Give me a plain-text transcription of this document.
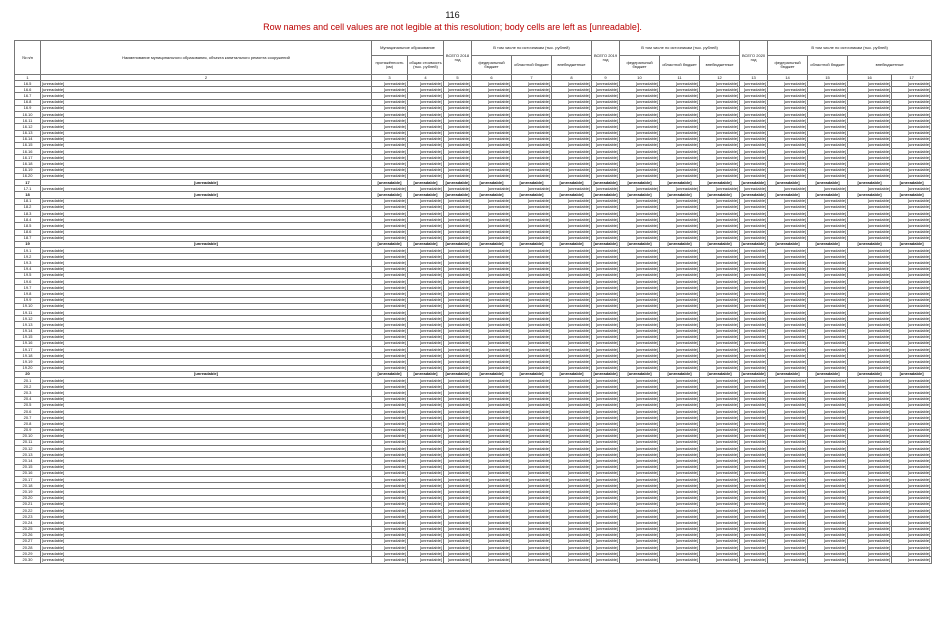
116
Row names and cell values are not legible at this resolution; body cells are left as [unreadable].
№ п/п	Наименование муниципального образования, объекта капитального ремонта сооружений	Муниципальное образование		ВСЕГО 2018 год	В том числе по источникам (тыс. рублей)			ВСЕГО 2019 год	В том числе по источникам (тыс. рублей)			ВСЕГО 2020 год	В том числе по источникам (тыс. рублей)			
		протяжённость (км)	общая стоимость (тыс. рублей)		федеральный бюджет	областной бюджет	внебюджетные		федеральный бюджет	областной бюджет	внебюджетные		федеральный бюджет	областной бюджет	внебюджетные	
1	2	3	4	5	6	7	8	9	10	11	12	13	14	15	16	17
16.5	[unreadable]	[unreadable]	[unreadable]	[unreadable]	[unreadable]	[unreadable]	[unreadable]	[unreadable]	[unreadable]	[unreadable]	[unreadable]	[unreadable]	[unreadable]	[unreadable]	[unreadable]	[unreadable]
16.6	[unreadable]	[unreadable]	[unreadable]	[unreadable]	[unreadable]	[unreadable]	[unreadable]	[unreadable]	[unreadable]	[unreadable]	[unreadable]	[unreadable]	[unreadable]	[unreadable]	[unreadable]	[unreadable]
16.7	[unreadable]	[unreadable]	[unreadable]	[unreadable]	[unreadable]	[unreadable]	[unreadable]	[unreadable]	[unreadable]	[unreadable]	[unreadable]	[unreadable]	[unreadable]	[unreadable]	[unreadable]	[unreadable]
16.8	[unreadable]	[unreadable]	[unreadable]	[unreadable]	[unreadable]	[unreadable]	[unreadable]	[unreadable]	[unreadable]	[unreadable]	[unreadable]	[unreadable]	[unreadable]	[unreadable]	[unreadable]	[unreadable]
16.9	[unreadable]	[unreadable]	[unreadable]	[unreadable]	[unreadable]	[unreadable]	[unreadable]	[unreadable]	[unreadable]	[unreadable]	[unreadable]	[unreadable]	[unreadable]	[unreadable]	[unreadable]	[unreadable]
16.10	[unreadable]	[unreadable]	[unreadable]	[unreadable]	[unreadable]	[unreadable]	[unreadable]	[unreadable]	[unreadable]	[unreadable]	[unreadable]	[unreadable]	[unreadable]	[unreadable]	[unreadable]	[unreadable]
16.11	[unreadable]	[unreadable]	[unreadable]	[unreadable]	[unreadable]	[unreadable]	[unreadable]	[unreadable]	[unreadable]	[unreadable]	[unreadable]	[unreadable]	[unreadable]	[unreadable]	[unreadable]	[unreadable]
16.12	[unreadable]	[unreadable]	[unreadable]	[unreadable]	[unreadable]	[unreadable]	[unreadable]	[unreadable]	[unreadable]	[unreadable]	[unreadable]	[unreadable]	[unreadable]	[unreadable]	[unreadable]	[unreadable]
16.13	[unreadable]	[unreadable]	[unreadable]	[unreadable]	[unreadable]	[unreadable]	[unreadable]	[unreadable]	[unreadable]	[unreadable]	[unreadable]	[unreadable]	[unreadable]	[unreadable]	[unreadable]	[unreadable]
16.14	[unreadable]	[unreadable]	[unreadable]	[unreadable]	[unreadable]	[unreadable]	[unreadable]	[unreadable]	[unreadable]	[unreadable]	[unreadable]	[unreadable]	[unreadable]	[unreadable]	[unreadable]	[unreadable]
16.15	[unreadable]	[unreadable]	[unreadable]	[unreadable]	[unreadable]	[unreadable]	[unreadable]	[unreadable]	[unreadable]	[unreadable]	[unreadable]	[unreadable]	[unreadable]	[unreadable]	[unreadable]	[unreadable]
16.16	[unreadable]	[unreadable]	[unreadable]	[unreadable]	[unreadable]	[unreadable]	[unreadable]	[unreadable]	[unreadable]	[unreadable]	[unreadable]	[unreadable]	[unreadable]	[unreadable]	[unreadable]	[unreadable]
16.17	[unreadable]	[unreadable]	[unreadable]	[unreadable]	[unreadable]	[unreadable]	[unreadable]	[unreadable]	[unreadable]	[unreadable]	[unreadable]	[unreadable]	[unreadable]	[unreadable]	[unreadable]	[unreadable]
16.18	[unreadable]	[unreadable]	[unreadable]	[unreadable]	[unreadable]	[unreadable]	[unreadable]	[unreadable]	[unreadable]	[unreadable]	[unreadable]	[unreadable]	[unreadable]	[unreadable]	[unreadable]	[unreadable]
16.19	[unreadable]	[unreadable]	[unreadable]	[unreadable]	[unreadable]	[unreadable]	[unreadable]	[unreadable]	[unreadable]	[unreadable]	[unreadable]	[unreadable]	[unreadable]	[unreadable]	[unreadable]	[unreadable]
16.20	[unreadable]	[unreadable]	[unreadable]	[unreadable]	[unreadable]	[unreadable]	[unreadable]	[unreadable]	[unreadable]	[unreadable]	[unreadable]	[unreadable]	[unreadable]	[unreadable]	[unreadable]	[unreadable]
17	[unreadable]	[unreadable]	[unreadable]	[unreadable]	[unreadable]	[unreadable]	[unreadable]	[unreadable]	[unreadable]	[unreadable]	[unreadable]	[unreadable]	[unreadable]	[unreadable]	[unreadable]	[unreadable]
17.1	[unreadable]	[unreadable]	[unreadable]	[unreadable]	[unreadable]	[unreadable]	[unreadable]	[unreadable]	[unreadable]	[unreadable]	[unreadable]	[unreadable]	[unreadable]	[unreadable]	[unreadable]	[unreadable]
18	[unreadable]	[unreadable]	[unreadable]	[unreadable]	[unreadable]	[unreadable]	[unreadable]	[unreadable]	[unreadable]	[unreadable]	[unreadable]	[unreadable]	[unreadable]	[unreadable]	[unreadable]	[unreadable]
18.1	[unreadable]	[unreadable]	[unreadable]	[unreadable]	[unreadable]	[unreadable]	[unreadable]	[unreadable]	[unreadable]	[unreadable]	[unreadable]	[unreadable]	[unreadable]	[unreadable]	[unreadable]	[unreadable]
18.2	[unreadable]	[unreadable]	[unreadable]	[unreadable]	[unreadable]	[unreadable]	[unreadable]	[unreadable]	[unreadable]	[unreadable]	[unreadable]	[unreadable]	[unreadable]	[unreadable]	[unreadable]	[unreadable]
18.3	[unreadable]	[unreadable]	[unreadable]	[unreadable]	[unreadable]	[unreadable]	[unreadable]	[unreadable]	[unreadable]	[unreadable]	[unreadable]	[unreadable]	[unreadable]	[unreadable]	[unreadable]	[unreadable]
18.4	[unreadable]	[unreadable]	[unreadable]	[unreadable]	[unreadable]	[unreadable]	[unreadable]	[unreadable]	[unreadable]	[unreadable]	[unreadable]	[unreadable]	[unreadable]	[unreadable]	[unreadable]	[unreadable]
18.5	[unreadable]	[unreadable]	[unreadable]	[unreadable]	[unreadable]	[unreadable]	[unreadable]	[unreadable]	[unreadable]	[unreadable]	[unreadable]	[unreadable]	[unreadable]	[unreadable]	[unreadable]	[unreadable]
18.6	[unreadable]	[unreadable]	[unreadable]	[unreadable]	[unreadable]	[unreadable]	[unreadable]	[unreadable]	[unreadable]	[unreadable]	[unreadable]	[unreadable]	[unreadable]	[unreadable]	[unreadable]	[unreadable]
18.7	[unreadable]	[unreadable]	[unreadable]	[unreadable]	[unreadable]	[unreadable]	[unreadable]	[unreadable]	[unreadable]	[unreadable]	[unreadable]	[unreadable]	[unreadable]	[unreadable]	[unreadable]	[unreadable]
19	[unreadable]	[unreadable]	[unreadable]	[unreadable]	[unreadable]	[unreadable]	[unreadable]	[unreadable]	[unreadable]	[unreadable]	[unreadable]	[unreadable]	[unreadable]	[unreadable]	[unreadable]	[unreadable]
19.1	[unreadable]	[unreadable]	[unreadable]	[unreadable]	[unreadable]	[unreadable]	[unreadable]	[unreadable]	[unreadable]	[unreadable]	[unreadable]	[unreadable]	[unreadable]	[unreadable]	[unreadable]	[unreadable]
19.2	[unreadable]	[unreadable]	[unreadable]	[unreadable]	[unreadable]	[unreadable]	[unreadable]	[unreadable]	[unreadable]	[unreadable]	[unreadable]	[unreadable]	[unreadable]	[unreadable]	[unreadable]	[unreadable]
19.3	[unreadable]	[unreadable]	[unreadable]	[unreadable]	[unreadable]	[unreadable]	[unreadable]	[unreadable]	[unreadable]	[unreadable]	[unreadable]	[unreadable]	[unreadable]	[unreadable]	[unreadable]	[unreadable]
19.4	[unreadable]	[unreadable]	[unreadable]	[unreadable]	[unreadable]	[unreadable]	[unreadable]	[unreadable]	[unreadable]	[unreadable]	[unreadable]	[unreadable]	[unreadable]	[unreadable]	[unreadable]	[unreadable]
19.5	[unreadable]	[unreadable]	[unreadable]	[unreadable]	[unreadable]	[unreadable]	[unreadable]	[unreadable]	[unreadable]	[unreadable]	[unreadable]	[unreadable]	[unreadable]	[unreadable]	[unreadable]	[unreadable]
19.6	[unreadable]	[unreadable]	[unreadable]	[unreadable]	[unreadable]	[unreadable]	[unreadable]	[unreadable]	[unreadable]	[unreadable]	[unreadable]	[unreadable]	[unreadable]	[unreadable]	[unreadable]	[unreadable]
19.7	[unreadable]	[unreadable]	[unreadable]	[unreadable]	[unreadable]	[unreadable]	[unreadable]	[unreadable]	[unreadable]	[unreadable]	[unreadable]	[unreadable]	[unreadable]	[unreadable]	[unreadable]	[unreadable]
19.8	[unreadable]	[unreadable]	[unreadable]	[unreadable]	[unreadable]	[unreadable]	[unreadable]	[unreadable]	[unreadable]	[unreadable]	[unreadable]	[unreadable]	[unreadable]	[unreadable]	[unreadable]	[unreadable]
19.9	[unreadable]	[unreadable]	[unreadable]	[unreadable]	[unreadable]	[unreadable]	[unreadable]	[unreadable]	[unreadable]	[unreadable]	[unreadable]	[unreadable]	[unreadable]	[unreadable]	[unreadable]	[unreadable]
19.10	[unreadable]	[unreadable]	[unreadable]	[unreadable]	[unreadable]	[unreadable]	[unreadable]	[unreadable]	[unreadable]	[unreadable]	[unreadable]	[unreadable]	[unreadable]	[unreadable]	[unreadable]	[unreadable]
19.11	[unreadable]	[unreadable]	[unreadable]	[unreadable]	[unreadable]	[unreadable]	[unreadable]	[unreadable]	[unreadable]	[unreadable]	[unreadable]	[unreadable]	[unreadable]	[unreadable]	[unreadable]	[unreadable]
19.12	[unreadable]	[unreadable]	[unreadable]	[unreadable]	[unreadable]	[unreadable]	[unreadable]	[unreadable]	[unreadable]	[unreadable]	[unreadable]	[unreadable]	[unreadable]	[unreadable]	[unreadable]	[unreadable]
19.13	[unreadable]	[unreadable]	[unreadable]	[unreadable]	[unreadable]	[unreadable]	[unreadable]	[unreadable]	[unreadable]	[unreadable]	[unreadable]	[unreadable]	[unreadable]	[unreadable]	[unreadable]	[unreadable]
19.14	[unreadable]	[unreadable]	[unreadable]	[unreadable]	[unreadable]	[unreadable]	[unreadable]	[unreadable]	[unreadable]	[unreadable]	[unreadable]	[unreadable]	[unreadable]	[unreadable]	[unreadable]	[unreadable]
19.15	[unreadable]	[unreadable]	[unreadable]	[unreadable]	[unreadable]	[unreadable]	[unreadable]	[unreadable]	[unreadable]	[unreadable]	[unreadable]	[unreadable]	[unreadable]	[unreadable]	[unreadable]	[unreadable]
19.16	[unreadable]	[unreadable]	[unreadable]	[unreadable]	[unreadable]	[unreadable]	[unreadable]	[unreadable]	[unreadable]	[unreadable]	[unreadable]	[unreadable]	[unreadable]	[unreadable]	[unreadable]	[unreadable]
19.17	[unreadable]	[unreadable]	[unreadable]	[unreadable]	[unreadable]	[unreadable]	[unreadable]	[unreadable]	[unreadable]	[unreadable]	[unreadable]	[unreadable]	[unreadable]	[unreadable]	[unreadable]	[unreadable]
19.18	[unreadable]	[unreadable]	[unreadable]	[unreadable]	[unreadable]	[unreadable]	[unreadable]	[unreadable]	[unreadable]	[unreadable]	[unreadable]	[unreadable]	[unreadable]	[unreadable]	[unreadable]	[unreadable]
19.19	[unreadable]	[unreadable]	[unreadable]	[unreadable]	[unreadable]	[unreadable]	[unreadable]	[unreadable]	[unreadable]	[unreadable]	[unreadable]	[unreadable]	[unreadable]	[unreadable]	[unreadable]	[unreadable]
19.20	[unreadable]	[unreadable]	[unreadable]	[unreadable]	[unreadable]	[unreadable]	[unreadable]	[unreadable]	[unreadable]	[unreadable]	[unreadable]	[unreadable]	[unreadable]	[unreadable]	[unreadable]	[unreadable]
20	[unreadable]	[unreadable]	[unreadable]	[unreadable]	[unreadable]	[unreadable]	[unreadable]	[unreadable]	[unreadable]	[unreadable]	[unreadable]	[unreadable]	[unreadable]	[unreadable]	[unreadable]	[unreadable]
20.1	[unreadable]	[unreadable]	[unreadable]	[unreadable]	[unreadable]	[unreadable]	[unreadable]	[unreadable]	[unreadable]	[unreadable]	[unreadable]	[unreadable]	[unreadable]	[unreadable]	[unreadable]	[unreadable]
20.2	[unreadable]	[unreadable]	[unreadable]	[unreadable]	[unreadable]	[unreadable]	[unreadable]	[unreadable]	[unreadable]	[unreadable]	[unreadable]	[unreadable]	[unreadable]	[unreadable]	[unreadable]	[unreadable]
20.3	[unreadable]	[unreadable]	[unreadable]	[unreadable]	[unreadable]	[unreadable]	[unreadable]	[unreadable]	[unreadable]	[unreadable]	[unreadable]	[unreadable]	[unreadable]	[unreadable]	[unreadable]	[unreadable]
20.4	[unreadable]	[unreadable]	[unreadable]	[unreadable]	[unreadable]	[unreadable]	[unreadable]	[unreadable]	[unreadable]	[unreadable]	[unreadable]	[unreadable]	[unreadable]	[unreadable]	[unreadable]	[unreadable]
20.5	[unreadable]	[unreadable]	[unreadable]	[unreadable]	[unreadable]	[unreadable]	[unreadable]	[unreadable]	[unreadable]	[unreadable]	[unreadable]	[unreadable]	[unreadable]	[unreadable]	[unreadable]	[unreadable]
20.6	[unreadable]	[unreadable]	[unreadable]	[unreadable]	[unreadable]	[unreadable]	[unreadable]	[unreadable]	[unreadable]	[unreadable]	[unreadable]	[unreadable]	[unreadable]	[unreadable]	[unreadable]	[unreadable]
20.7	[unreadable]	[unreadable]	[unreadable]	[unreadable]	[unreadable]	[unreadable]	[unreadable]	[unreadable]	[unreadable]	[unreadable]	[unreadable]	[unreadable]	[unreadable]	[unreadable]	[unreadable]	[unreadable]
20.8	[unreadable]	[unreadable]	[unreadable]	[unreadable]	[unreadable]	[unreadable]	[unreadable]	[unreadable]	[unreadable]	[unreadable]	[unreadable]	[unreadable]	[unreadable]	[unreadable]	[unreadable]	[unreadable]
20.9	[unreadable]	[unreadable]	[unreadable]	[unreadable]	[unreadable]	[unreadable]	[unreadable]	[unreadable]	[unreadable]	[unreadable]	[unreadable]	[unreadable]	[unreadable]	[unreadable]	[unreadable]	[unreadable]
20.10	[unreadable]	[unreadable]	[unreadable]	[unreadable]	[unreadable]	[unreadable]	[unreadable]	[unreadable]	[unreadable]	[unreadable]	[unreadable]	[unreadable]	[unreadable]	[unreadable]	[unreadable]	[unreadable]
20.11	[unreadable]	[unreadable]	[unreadable]	[unreadable]	[unreadable]	[unreadable]	[unreadable]	[unreadable]	[unreadable]	[unreadable]	[unreadable]	[unreadable]	[unreadable]	[unreadable]	[unreadable]	[unreadable]
20.12	[unreadable]	[unreadable]	[unreadable]	[unreadable]	[unreadable]	[unreadable]	[unreadable]	[unreadable]	[unreadable]	[unreadable]	[unreadable]	[unreadable]	[unreadable]	[unreadable]	[unreadable]	[unreadable]
20.13	[unreadable]	[unreadable]	[unreadable]	[unreadable]	[unreadable]	[unreadable]	[unreadable]	[unreadable]	[unreadable]	[unreadable]	[unreadable]	[unreadable]	[unreadable]	[unreadable]	[unreadable]	[unreadable]
20.14	[unreadable]	[unreadable]	[unreadable]	[unreadable]	[unreadable]	[unreadable]	[unreadable]	[unreadable]	[unreadable]	[unreadable]	[unreadable]	[unreadable]	[unreadable]	[unreadable]	[unreadable]	[unreadable]
20.15	[unreadable]	[unreadable]	[unreadable]	[unreadable]	[unreadable]	[unreadable]	[unreadable]	[unreadable]	[unreadable]	[unreadable]	[unreadable]	[unreadable]	[unreadable]	[unreadable]	[unreadable]	[unreadable]
20.16	[unreadable]	[unreadable]	[unreadable]	[unreadable]	[unreadable]	[unreadable]	[unreadable]	[unreadable]	[unreadable]	[unreadable]	[unreadable]	[unreadable]	[unreadable]	[unreadable]	[unreadable]	[unreadable]
20.17	[unreadable]	[unreadable]	[unreadable]	[unreadable]	[unreadable]	[unreadable]	[unreadable]	[unreadable]	[unreadable]	[unreadable]	[unreadable]	[unreadable]	[unreadable]	[unreadable]	[unreadable]	[unreadable]
20.18	[unreadable]	[unreadable]	[unreadable]	[unreadable]	[unreadable]	[unreadable]	[unreadable]	[unreadable]	[unreadable]	[unreadable]	[unreadable]	[unreadable]	[unreadable]	[unreadable]	[unreadable]	[unreadable]
20.19	[unreadable]	[unreadable]	[unreadable]	[unreadable]	[unreadable]	[unreadable]	[unreadable]	[unreadable]	[unreadable]	[unreadable]	[unreadable]	[unreadable]	[unreadable]	[unreadable]	[unreadable]	[unreadable]
20.20	[unreadable]	[unreadable]	[unreadable]	[unreadable]	[unreadable]	[unreadable]	[unreadable]	[unreadable]	[unreadable]	[unreadable]	[unreadable]	[unreadable]	[unreadable]	[unreadable]	[unreadable]	[unreadable]
20.21	[unreadable]	[unreadable]	[unreadable]	[unreadable]	[unreadable]	[unreadable]	[unreadable]	[unreadable]	[unreadable]	[unreadable]	[unreadable]	[unreadable]	[unreadable]	[unreadable]	[unreadable]	[unreadable]
20.22	[unreadable]	[unreadable]	[unreadable]	[unreadable]	[unreadable]	[unreadable]	[unreadable]	[unreadable]	[unreadable]	[unreadable]	[unreadable]	[unreadable]	[unreadable]	[unreadable]	[unreadable]	[unreadable]
20.23	[unreadable]	[unreadable]	[unreadable]	[unreadable]	[unreadable]	[unreadable]	[unreadable]	[unreadable]	[unreadable]	[unreadable]	[unreadable]	[unreadable]	[unreadable]	[unreadable]	[unreadable]	[unreadable]
20.24	[unreadable]	[unreadable]	[unreadable]	[unreadable]	[unreadable]	[unreadable]	[unreadable]	[unreadable]	[unreadable]	[unreadable]	[unreadable]	[unreadable]	[unreadable]	[unreadable]	[unreadable]	[unreadable]
20.25	[unreadable]	[unreadable]	[unreadable]	[unreadable]	[unreadable]	[unreadable]	[unreadable]	[unreadable]	[unreadable]	[unreadable]	[unreadable]	[unreadable]	[unreadable]	[unreadable]	[unreadable]	[unreadable]
20.26	[unreadable]	[unreadable]	[unreadable]	[unreadable]	[unreadable]	[unreadable]	[unreadable]	[unreadable]	[unreadable]	[unreadable]	[unreadable]	[unreadable]	[unreadable]	[unreadable]	[unreadable]	[unreadable]
20.27	[unreadable]	[unreadable]	[unreadable]	[unreadable]	[unreadable]	[unreadable]	[unreadable]	[unreadable]	[unreadable]	[unreadable]	[unreadable]	[unreadable]	[unreadable]	[unreadable]	[unreadable]	[unreadable]
20.28	[unreadable]	[unreadable]	[unreadable]	[unreadable]	[unreadable]	[unreadable]	[unreadable]	[unreadable]	[unreadable]	[unreadable]	[unreadable]	[unreadable]	[unreadable]	[unreadable]	[unreadable]	[unreadable]
20.29	[unreadable]	[unreadable]	[unreadable]	[unreadable]	[unreadable]	[unreadable]	[unreadable]	[unreadable]	[unreadable]	[unreadable]	[unreadable]	[unreadable]	[unreadable]	[unreadable]	[unreadable]	[unreadable]
20.30	[unreadable]	[unreadable]	[unreadable]	[unreadable]	[unreadable]	[unreadable]	[unreadable]	[unreadable]	[unreadable]	[unreadable]	[unreadable]	[unreadable]	[unreadable]	[unreadable]	[unreadable]	[unreadable]
